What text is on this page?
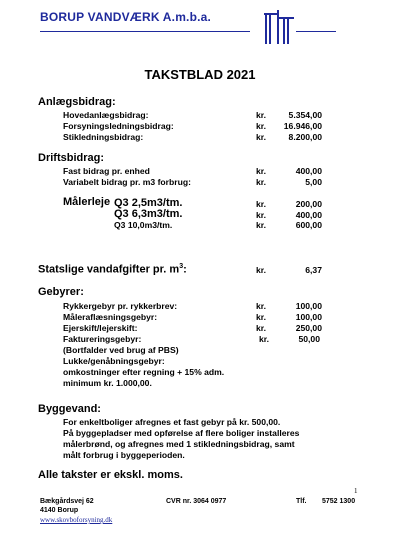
BORUP VANDVÆRK A.m.b.a.
TAKSTBLAD 2021
Anlægsbidrag:
Hovedanlægsbidrag:	kr.	5.354,00
Forsyningsledningsbidrag:	kr. 16.946,00
Stikledningsbidrag:	kr.	8.200,00
Driftsbidrag:
Fast bidrag pr. enhed	kr.	400,00
Variabelt bidrag pr. m3 forbrug:	kr.	5,00
Målerleje Q3 2,5m3/tm.	kr.	200,00
Q3 6,3m3/tm.	kr.	400,00
Q3 10,0m3/tm.	kr.	600,00
Statslige vandafgifter pr. $m^3$:	kr.	6,37
Gebyrer:
Rykkergebyr pr. rykkerbrev:	kr.	100,00
Måleraflæsningsgebyr:	kr.	100,00
Ejerskift/lejerskift:	kr.	250,00
Faktureringsgebyr:	kr.	50,00
(Bortfalder ved brug af PBS)
Lukke/genåbningsgebyr:
omkostninger efter regning + 15% adm.
minimum kr. 1.000,00.
Byggevand:
For enkeltboliger afregnes et fast gebyr på kr. 500,00.
På byggepladser med opførelse af flere boliger installeres
målerbrønd, og afregnes med 1 stikledningsbidrag, samt
målt forbrug i byggeperioden.
Alle takster er ekskl. moms.
1
Bækgårdsvej 62
4140 Borup
www.skovboforsyning.dk
CVR nr. 3064 0977	Tlf. 5752 1300
